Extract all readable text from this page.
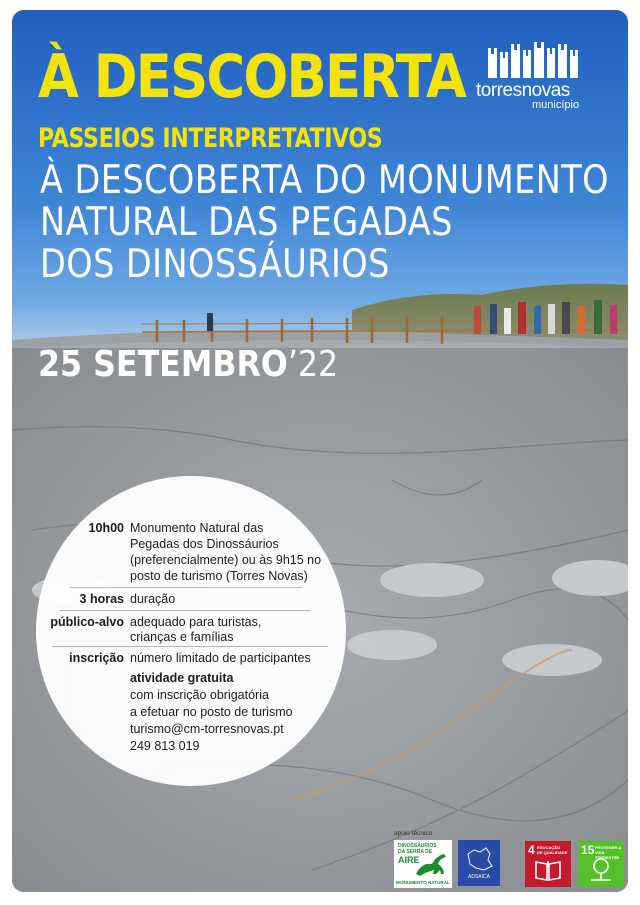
torresnovas
município
À DESCOBERTA
PASSEIOS INTERPRETATIVOS
À DESCOBERTA DO MONUMENTO
NATURAL DAS PEGADAS
DOS DINOSSÁURIOS
25 SETEMBRO’22
10h00 Monumento Natural das
Pegadas dos Dinossáurios
(preferencialmente) ou às 9h15 no
posto de turismo (Torres Novas)
3 horas duração
público-alvo adequado para turistas,
crianças e famílias
inscrição número limitado de participantes
atividade gratuita
com inscrição obrigatória
a efetuar no posto de turismo
turismo@cm-torresnovas.pt
249 813 019
apoio técnico
DINOSSÁURIOS
DA SERRA DE
AIRE
MONUMENTO NATURAL
ADSAICA
4 EDUCAÇÃO
DE QUALIDADE 15 PROTEGER A
VIDA TERRESTRE
